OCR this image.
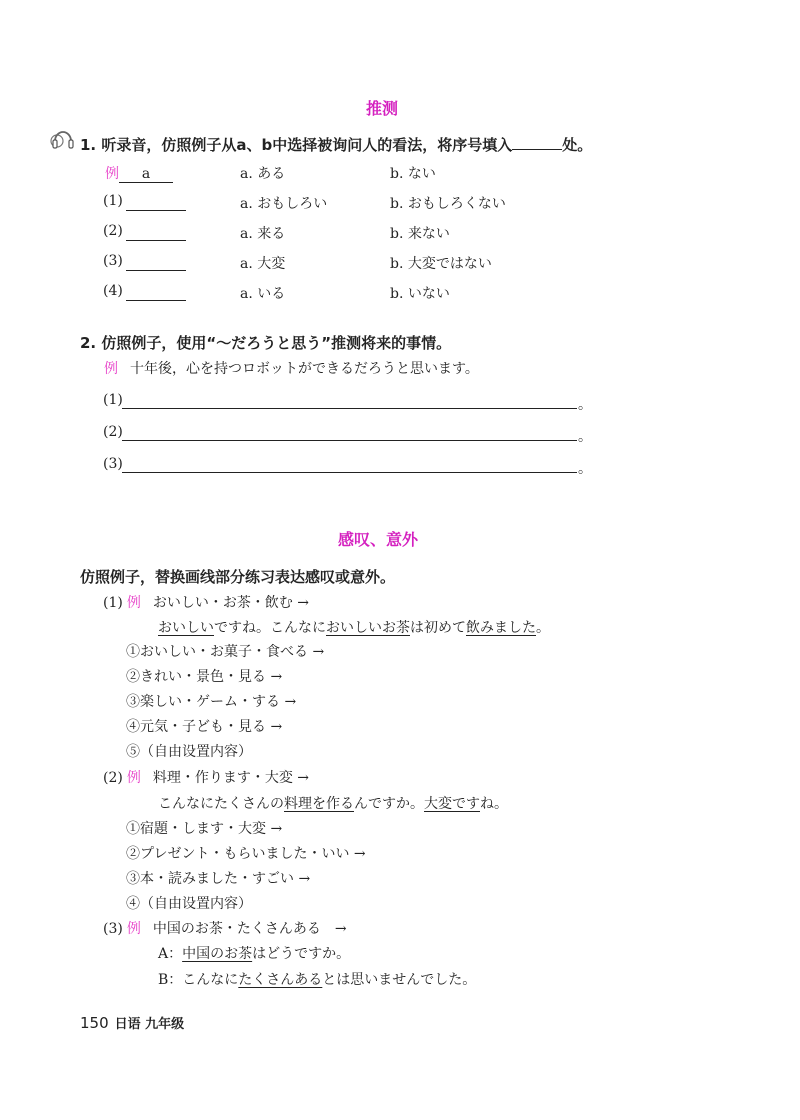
推测
1. 听录音，仿照例子从a、b中选择被询问人的看法，将序号填入	处。
例 a	a. ある	b. ない
(1)	a. おもしろい	b. おもしろくない
(2)	a. 来る	b. 来ない
(3)	a. 大変	b. 大変ではない
(4)	a. いる	b. いない
2. 仿照例子，使用“～だろうと思う”推测将来的事情。
例 十年後，心を持つロボットができるだろうと思います。
(1)	。
(2)	。
(3)	。
感叹、意外
仿照例子，替换画线部分练习表达感叹或意外。
(1) 例 おいしい・お茶・飲む →
おいしいですね。こんなにおいしいお茶は初めて飲みました。
①おいしい・お菓子・食べる →
②きれい・景色・見る →
③楽しい・ゲーム・する →
④元気・子ども・見る →
⑤（自由设置内容）
(2) 例 料理・作ります・大変 →
こんなにたくさんの料理を作るんですか。大変ですね。
①宿題・します・大変 →
②プレゼント・もらいました・いい →
③本・読みました・すごい →
④（自由设置内容）
(3) 例 中国のお茶・たくさんある　→
A：中国のお茶はどうですか。
B：こんなにたくさんあるとは思いませんでした。
150 日语 九年级
